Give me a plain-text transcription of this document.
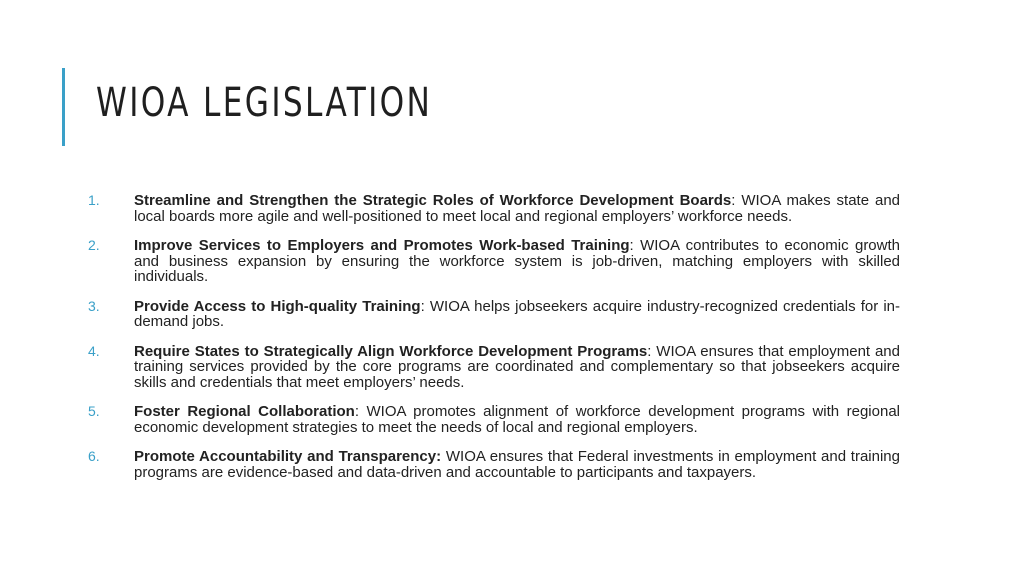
WIOA LEGISLATION
1.	Streamline and Strengthen the Strategic Roles of Workforce Development Boards: WIOA makes state and local boards more agile and well-positioned to meet local and regional employers’ workforce needs.
2.	Improve Services to Employers and Promotes Work-based Training: WIOA contributes to economic growth and business expansion by ensuring the workforce system is job-driven, matching employers with skilled individuals.
3.	Provide Access to High-quality Training: WIOA helps jobseekers acquire industry-recognized credentials for in-demand jobs.
4.	Require States to Strategically Align Workforce Development Programs: WIOA ensures that employment and training services provided by the core programs are coordinated and complementary so that jobseekers acquire skills and credentials that meet employers’ needs.
5.	Foster Regional Collaboration: WIOA promotes alignment of workforce development programs with regional economic development strategies to meet the needs of local and regional employers.
6.	Promote Accountability and Transparency: WIOA ensures that Federal investments in employment and training programs are evidence-based and data-driven and accountable to participants and taxpayers.
